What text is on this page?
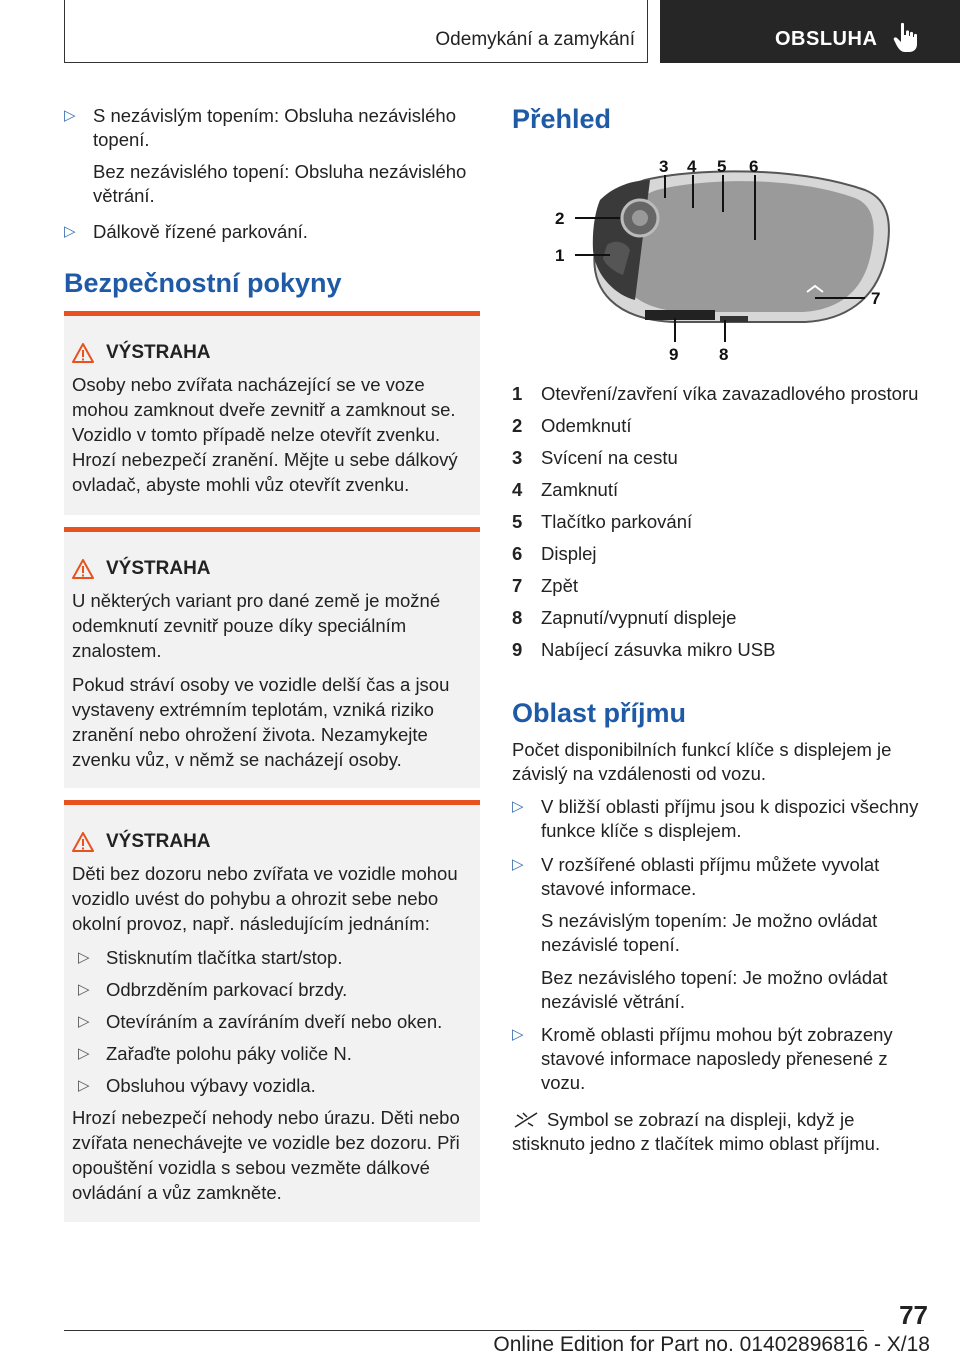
Odemykání a zamykání	OBSLUHA
▷ S nezávislým topením: Obsluha nezávislého topení.
Bez nezávislého topení: Obsluha nezávislého větrání.
▷ Dálkově řízené parkování.
Bezpečnostní pokyny
VÝSTRAHA
Osoby nebo zvířata nacházející se ve voze mohou zamknout dveře zevnitř a zamknout se. Vozidlo v tomto případě nelze otevřít zvenku. Hrozí nebezpečí zranění. Mějte u sebe dálkový ovladač, abyste mohli vůz otevřít zvenku.
VÝSTRAHA
U některých variant pro dané země je možné odemknutí zevnitř pouze díky speciálním znalostem.
Pokud stráví osoby ve vozidle delší čas a jsou vystaveny extrémním teplotám, vzniká riziko zranění nebo ohrožení života. Nezamykejte zvenku vůz, v němž se nacházejí osoby.
VÝSTRAHA
Děti bez dozoru nebo zvířata ve vozidle mohou vozidlo uvést do pohybu a ohrozit sebe nebo okolní provoz, např. následujícím jednáním:
▷ Stisknutím tlačítka start/stop.
▷ Odbrzděním parkovací brzdy.
▷ Otevíráním a zavíráním dveří nebo oken.
▷ Zařaďte polohu páky voliče N.
▷ Obsluhou výbavy vozidla.
Hrozí nebezpečí nehody nebo úrazu. Děti nebo zvířata nenechávejte ve vozidle bez dozoru. Při opouštění vozidla s sebou vezměte dálkové ovládání a vůz zamkněte.
Přehled
3 4 5 6
2
1
7
8
9
1 Otevření/zavření víka zavazadlového prostoru
2 Odemknutí
3 Svícení na cestu
4 Zamknutí
5 Tlačítko parkování
6 Displej
7 Zpět
8 Zapnutí/vypnutí displeje
9 Nabíjecí zásuvka mikro USB
Oblast příjmu
Počet disponibilních funkcí klíče s displejem je závislý na vzdálenosti od vozu.
▷ V bližší oblasti příjmu jsou k dispozici všechny funkce klíče s displejem.
▷ V rozšířené oblasti příjmu můžete vyvolat stavové informace.
S nezávislým topením: Je možno ovládat nezávislé topení.
Bez nezávislého topení: Je možno ovládat nezávislé větrání.
▷ Kromě oblasti příjmu mohou být zobrazeny stavové informace naposledy přenesené z vozu.
Symbol se zobrazí na displeji, když je stisknuto jedno z tlačítek mimo oblast příjmu.
77
Online Edition for Part no. 01402896816 - X/18
